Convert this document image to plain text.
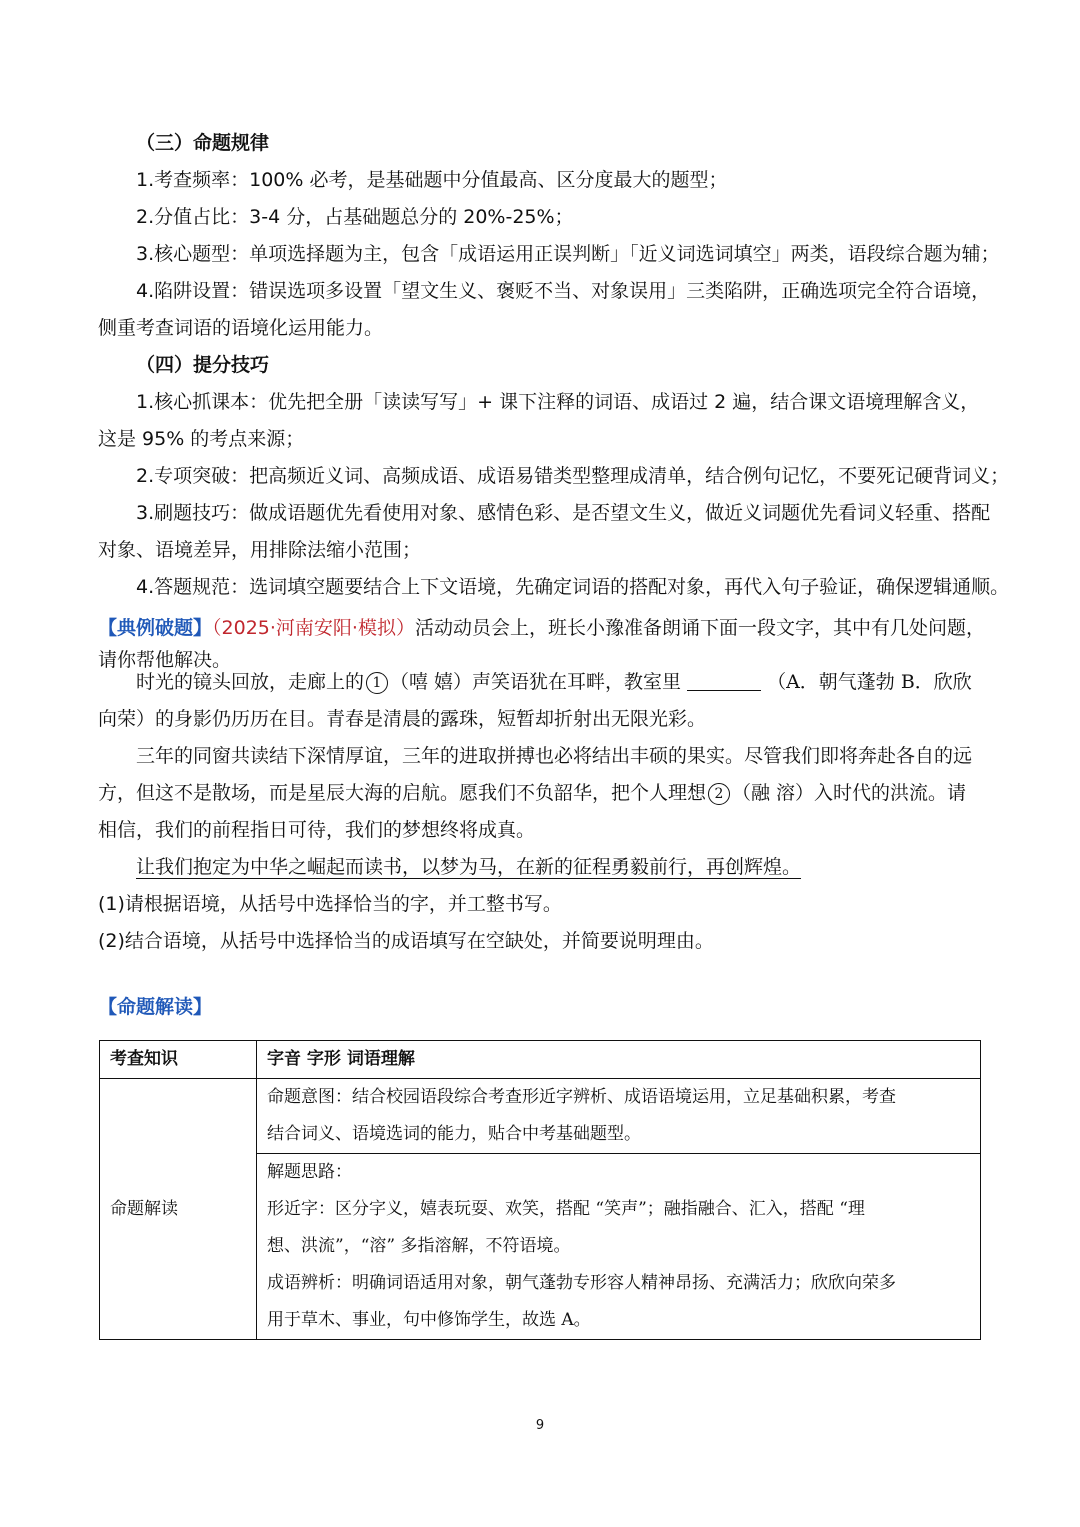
（三）命题规律
1.考查频率：100% 必考，是基础题中分值最高、区分度最大的题型；
2.分值占比：3-4 分，占基础题总分的 20%-25%；
3.核心题型：单项选择题为主，包含「成语运用正误判断」「近义词选词填空」两类，语段综合题为辅；
4.陷阱设置：错误选项多设置「望文生义、褒贬不当、对象误用」三类陷阱，正确选项完全符合语境，
侧重考查词语的语境化运用能力。
（四）提分技巧
1.核心抓课本：优先把全册「读读写写」+ 课下注释的词语、成语过 2 遍，结合课文语境理解含义，
这是 95% 的考点来源；
2.专项突破：把高频近义词、高频成语、成语易错类型整理成清单，结合例句记忆，不要死记硬背词义；
3.刷题技巧：做成语题优先看使用对象、感情色彩、是否望文生义，做近义词题优先看词义轻重、搭配
对象、语境差异，用排除法缩小范围；
4.答题规范：选词填空题要结合上下文语境，先确定词语的搭配对象，再代入句子验证，确保逻辑通顺。
【典例破题】（2025·河南安阳·模拟）活动动员会上，班长小豫准备朗诵下面一段文字，其中有几处问题，
请你帮他解决。
时光的镜头回放，走廊上的 1 （嘻 嬉）声笑语犹在耳畔，教室里	（A．朝气蓬勃 B．欣欣
向荣）的身影仍历历在目。青春是清晨的露珠，短暂却折射出无限光彩。
三年的同窗共读结下深情厚谊，三年的进取拼搏也必将结出丰硕的果实。尽管我们即将奔赴各自的远
方，但这不是散场，而是星辰大海的启航。愿我们不负韶华，把个人理想 2 （融 溶）入时代的洪流。请
相信，我们的前程指日可待，我们的梦想终将成真。
让我们抱定为中华之崛起而读书，以梦为马，在新的征程勇毅前行，再创辉煌。
(1)请根据语境，从括号中选择恰当的字，并工整书写。
(2)结合语境，从括号中选择恰当的成语填写在空缺处，并简要说明理由。
【命题解读】
考查知识	字音 字形 词语理解

命题解读	命题意图：结合校园语段综合考查形近字辨析、成语语境运用，立足基础积累，考查
结合词义、语境选词的能力，贴合中考基础题型。

	解题思路：
形近字：区分字义，嬉表玩耍、欢笑，搭配 “笑声”；融指融合、汇入，搭配 “理
想、洪流”，“溶” 多指溶解，不符语境。
成语辨析：明确词语适用对象，朝气蓬勃专形容人精神昂扬、充满活力；欣欣向荣多
用于草木、事业，句中修饰学生，故选 A。
9
